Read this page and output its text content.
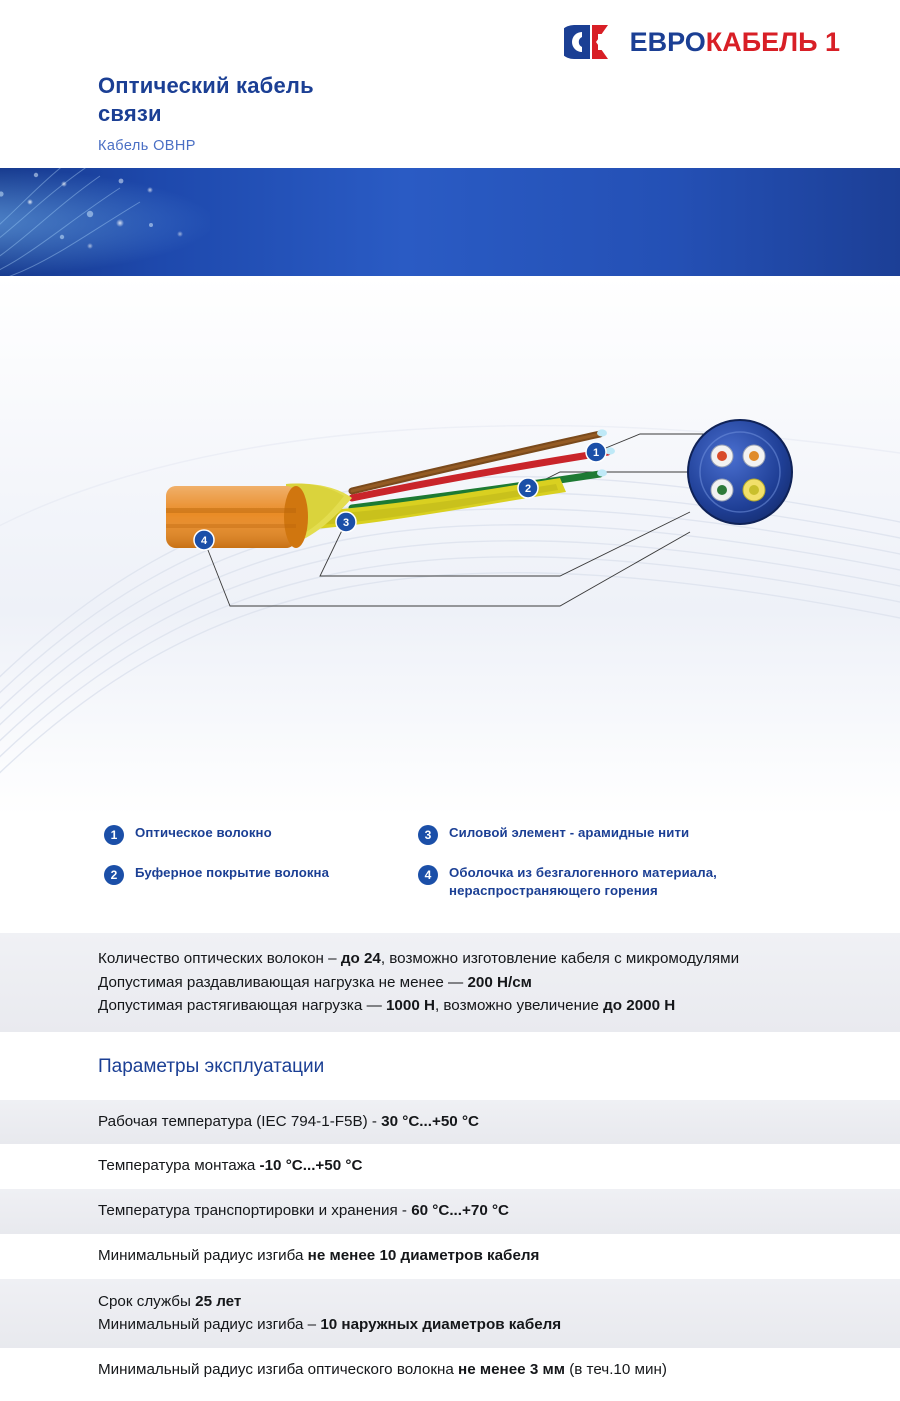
ЕВРОКАБЕЛЬ 1
Оптический кабель
связи
Кабель ОВНР
1
2
3
4
1	Оптическое волокно
2	Буферное покрытие волокна
3	Силовой элемент - арамидные нити
4	Оболочка из безгалогенного материала,
нераспространяющего горения
Количество оптических волокон – до 24, возможно изготовление кабеля с микромодулями
Допустимая раздавливающая нагрузка не менее — 200 Н/см
Допустимая растягивающая нагрузка — 1000 Н, возможно увеличение до 2000 Н
Параметры эксплуатации
Рабочая температура (IEC 794-1-F5B) - 30 °С...+50 °С
Температура монтажа -10 °С...+50 °С
Температура транспортировки и хранения - 60 °С...+70 °С
Минимальный радиус изгиба не менее 10 диаметров кабеля
Срок службы 25 лет
Минимальный радиус изгиба – 10 наружных диаметров кабеля
Минимальный радиус изгиба оптического волокна не менее 3 мм (в теч.10 мин)
